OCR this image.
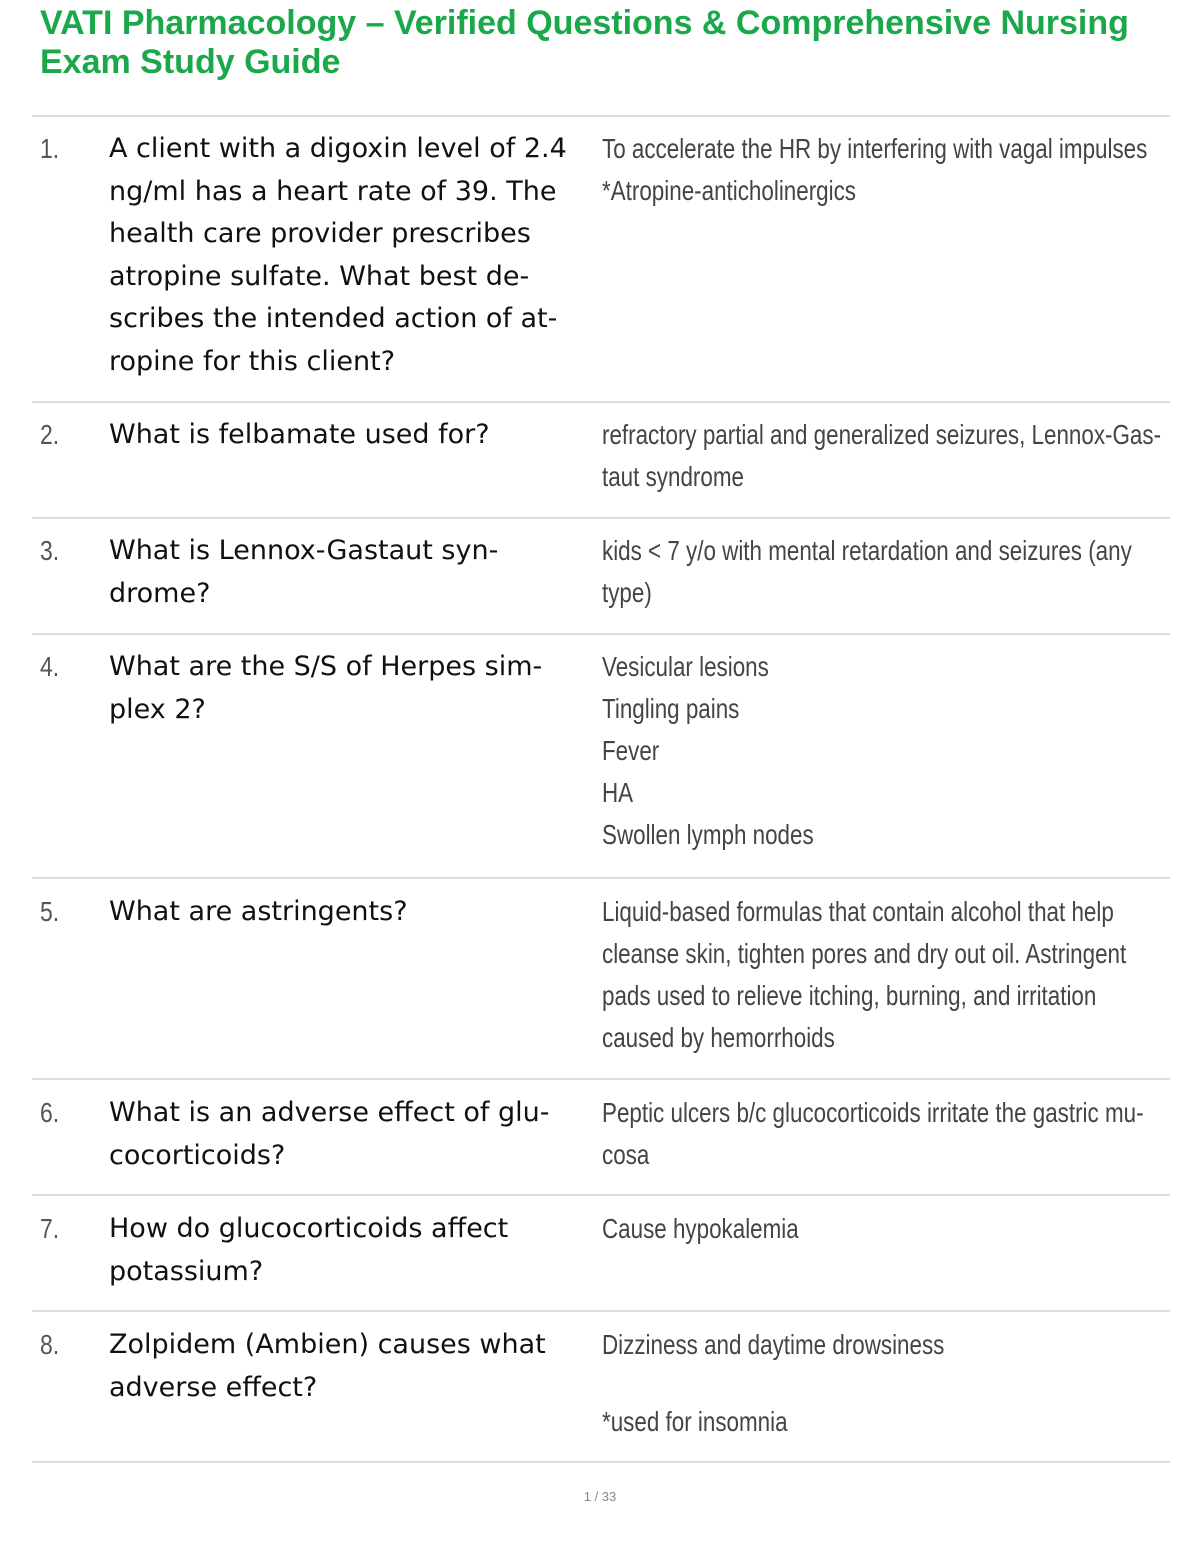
VATI Pharmacology – Verified Questions & Comprehensive Nursing
Exam Study Guide
1. A client with a digoxin level of 2.4
ng/ml has a heart rate of 39. The
health care provider prescribes
atropine sulfate. What best de-
scribes the intended action of at-
ropine for this client?
To accelerate the HR by interfering with vagal impulses
*Atropine-anticholinergics
2. What is felbamate used for?	refractory partial and generalized seizures, Lennox-Gas-
taut syndrome
3. What is Lennox-Gastaut syn-
drome?
kids < 7 y/o with mental retardation and seizures (any
type)
4. What are the S/S of Herpes sim-
plex 2?
Vesicular lesions
Tingling pains
Fever
HA
Swollen lymph nodes
5. What are astringents?	Liquid-based formulas that contain alcohol that help
cleanse skin, tighten pores and dry out oil. Astringent
pads used to relieve itching, burning, and irritation
caused by hemorrhoids
6. What is an adverse effect of glu-
cocorticoids?
Peptic ulcers b/c glucocorticoids irritate the gastric mu-
cosa
7. How do glucocorticoids affect
potassium?
Cause hypokalemia
8. Zolpidem (Ambien) causes what
adverse effect?
Dizziness and daytime drowsiness
*used for insomnia
1 / 33
